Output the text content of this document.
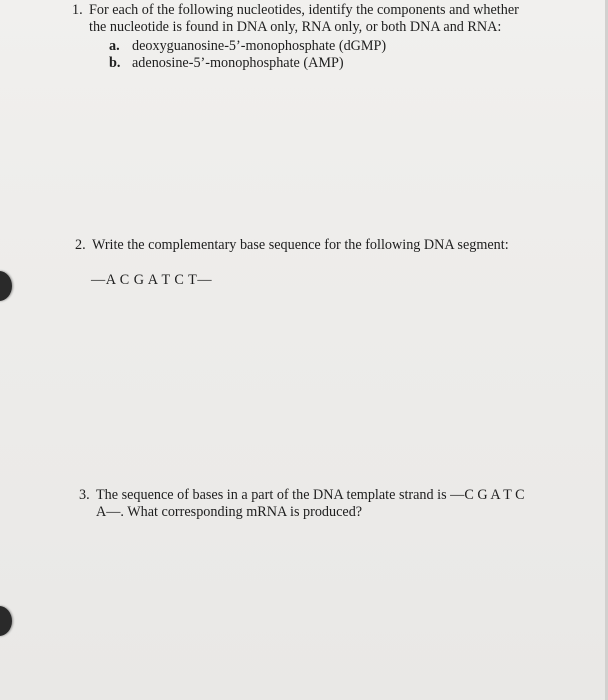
1. For each of the following nucleotides, identify the components and whether
the nucleotide is found in DNA only, RNA only, or both DNA and RNA:
a. deoxyguanosine-5’-monophosphate (dGMP)
b. adenosine-5’-monophosphate (AMP)
2. Write the complementary base sequence for the following DNA segment:
—A C G A T C T—
3. The sequence of bases in a part of the DNA template strand is —C G A T C
A—. What corresponding mRNA is produced?
